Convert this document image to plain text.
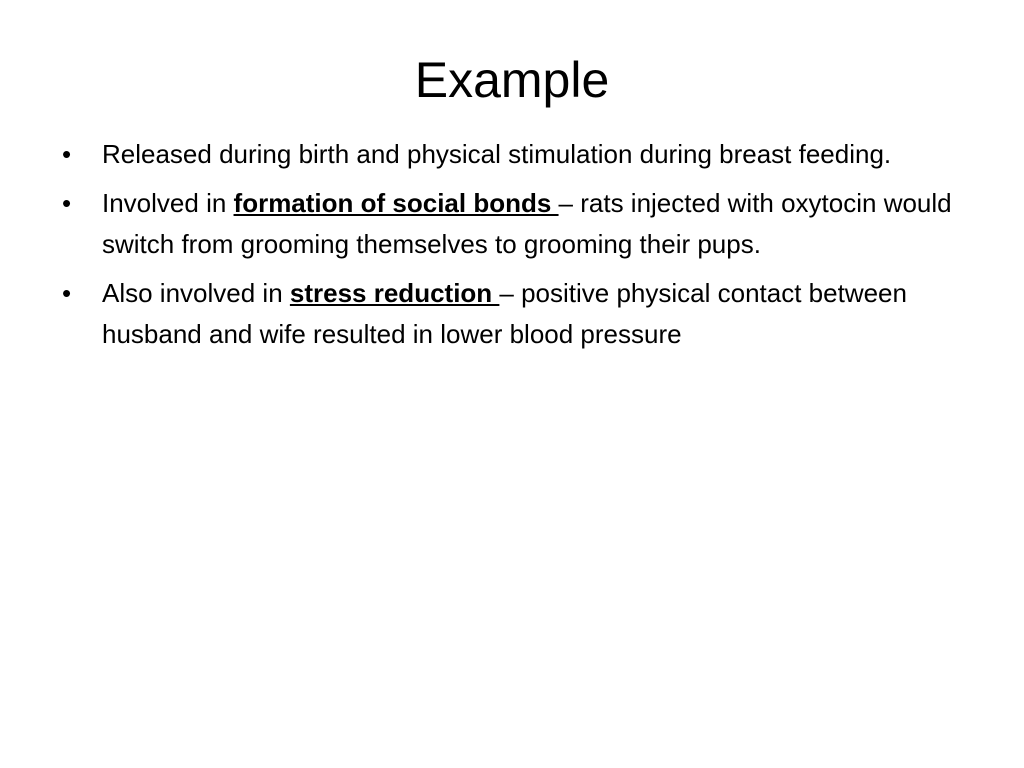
Example
• Released during birth and physical stimulation during breast feeding.
• Involved in formation of social bonds – rats injected with oxytocin would switch from grooming themselves to grooming their pups.
• Also involved in stress reduction – positive physical contact between husband and wife resulted in lower blood pressure
